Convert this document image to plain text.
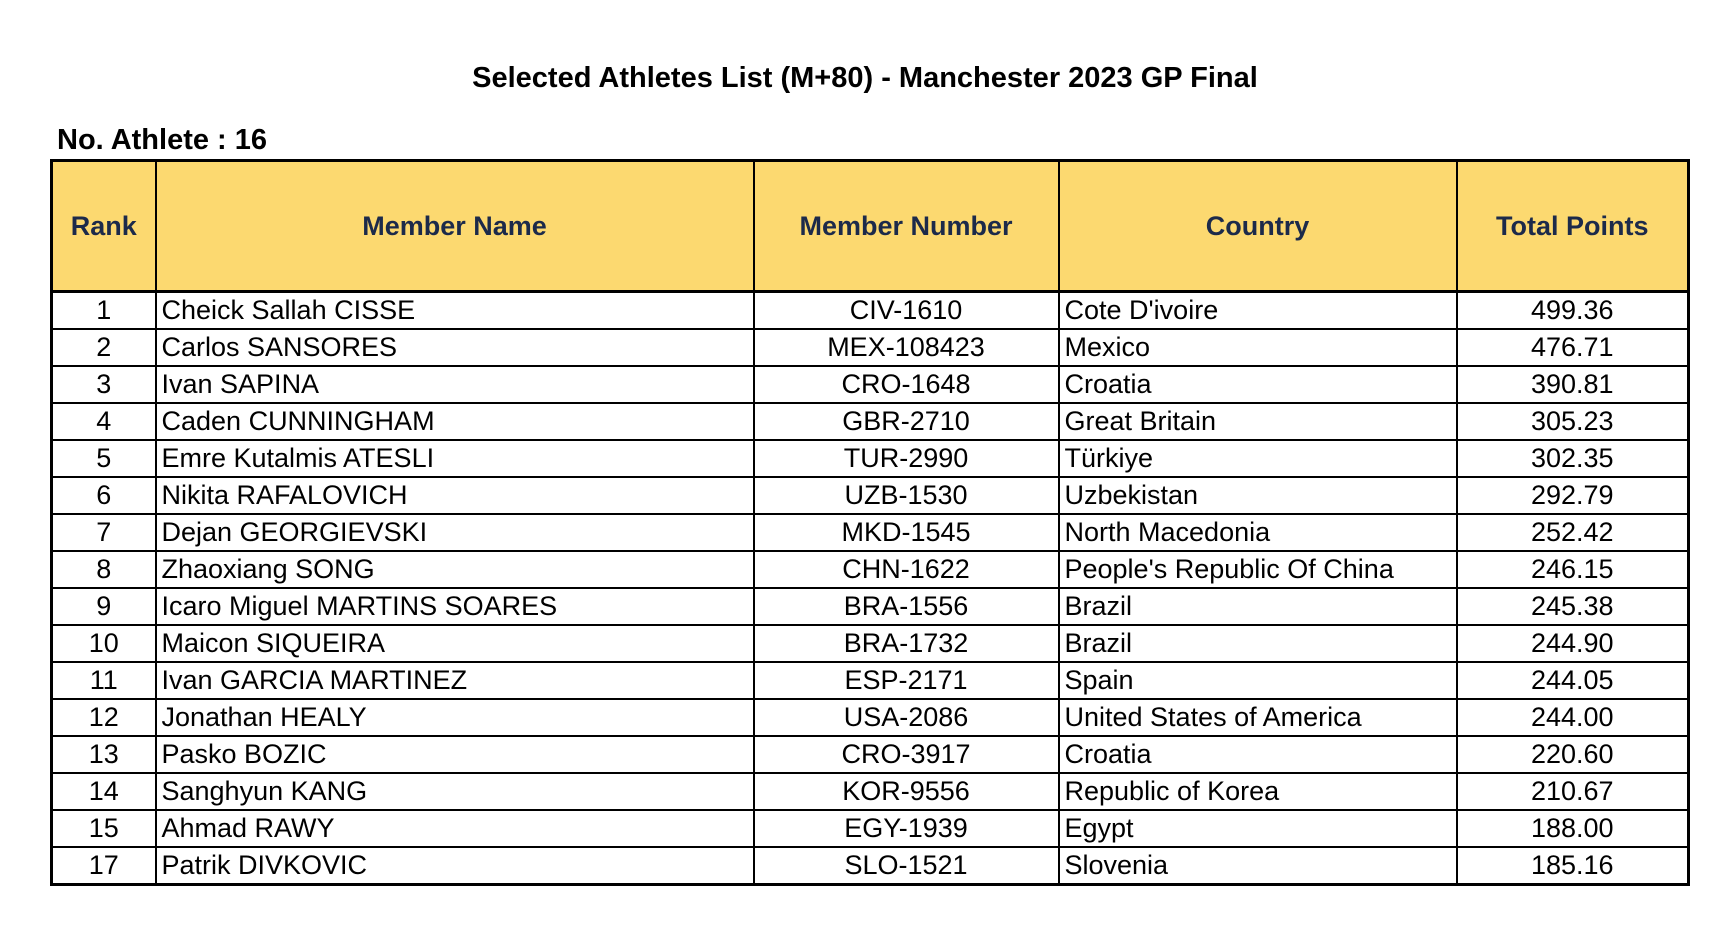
Selected Athletes List (M+80) - Manchester 2023 GP Final
No. Athlete : 16
Rank	Member Name	Member Number	Country	Total Points
1	Cheick Sallah CISSE	CIV-1610	Cote D'ivoire	499.36
2	Carlos SANSORES	MEX-108423	Mexico	476.71
3	Ivan SAPINA	CRO-1648	Croatia	390.81
4	Caden CUNNINGHAM	GBR-2710	Great Britain	305.23
5	Emre Kutalmis ATESLI	TUR-2990	Türkiye	302.35
6	Nikita RAFALOVICH	UZB-1530	Uzbekistan	292.79
7	Dejan GEORGIEVSKI	MKD-1545	North Macedonia	252.42
8	Zhaoxiang SONG	CHN-1622	People's Republic Of China	246.15
9	Icaro Miguel MARTINS SOARES	BRA-1556	Brazil	245.38
10	Maicon SIQUEIRA	BRA-1732	Brazil	244.90
11	Ivan GARCIA MARTINEZ	ESP-2171	Spain	244.05
12	Jonathan HEALY	USA-2086	United States of America	244.00
13	Pasko BOZIC	CRO-3917	Croatia	220.60
14	Sanghyun KANG	KOR-9556	Republic of Korea	210.67
15	Ahmad RAWY	EGY-1939	Egypt	188.00
17	Patrik DIVKOVIC	SLO-1521	Slovenia	185.16
